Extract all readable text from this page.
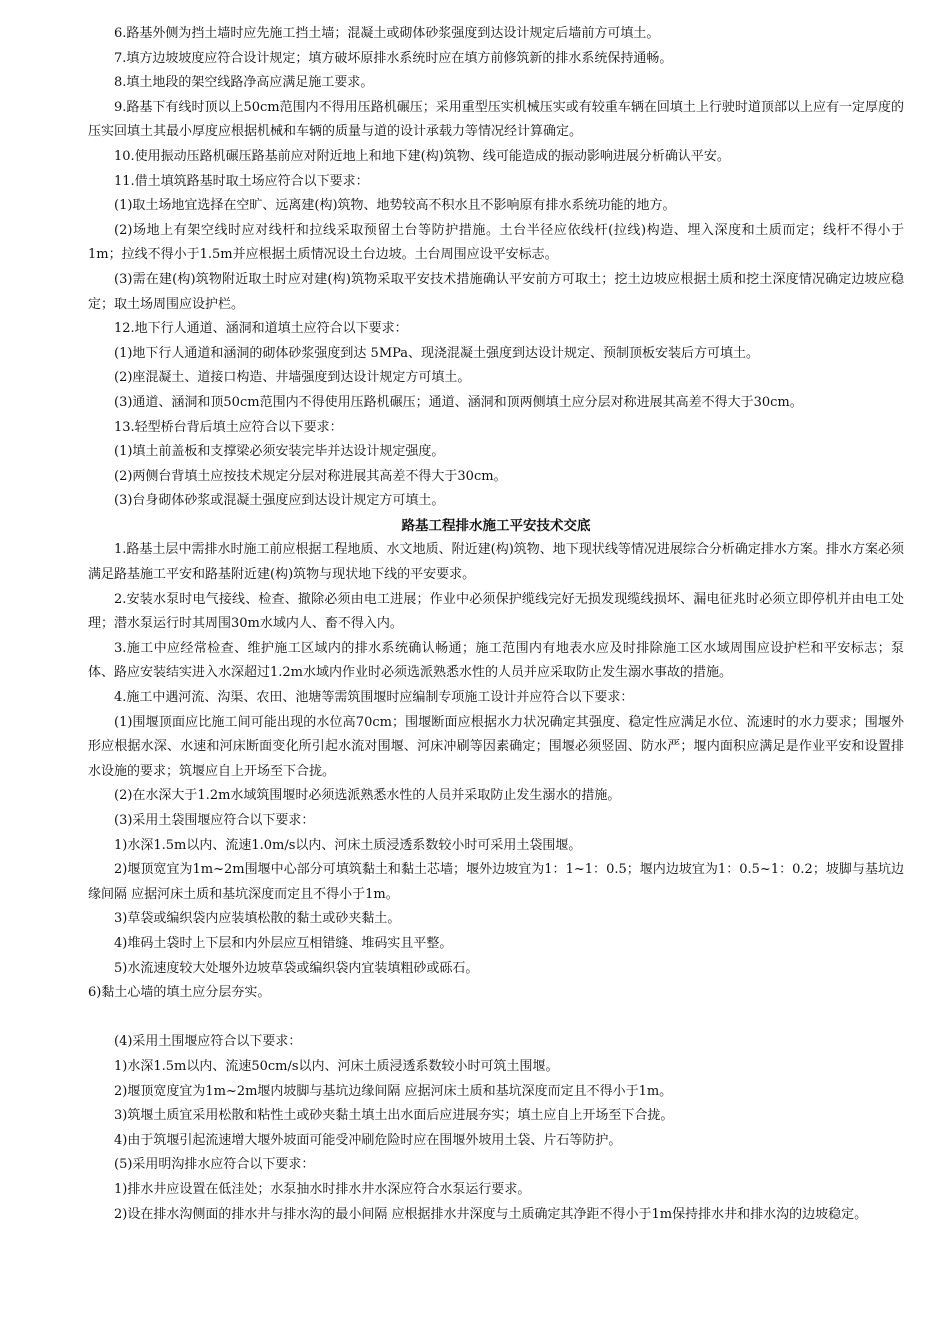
6.路基外侧为挡土墙时应先施工挡土墙；混凝土或砌体砂浆强度到达设计规定后墙前方可填土。

7.填方边坡坡度应符合设计规定；填方破坏原排水系统时应在填方前修筑新的排水系统保持通畅。

8.填土地段的架空线路净高应满足施工要求。

9.路基下有线时顶以上50cm范围内不得用压路机碾压；采用重型压实机械压实或有较重车辆在回填土上行驶时道顶部以上应有一定厚度的压实回填土其最小厚度应根据机械和车辆的质量与道的设计承载力等情况经计算确定。

10.使用振动压路机碾压路基前应对附近地上和地下建(构)筑物、线可能造成的振动影响进展分析确认平安。

11.借土填筑路基时取土场应符合以下要求：

(1)取土场地宜选择在空旷、远离建(构)筑物、地势较高不积水且不影响原有排水系统功能的地方。

(2)场地上有架空线时应对线杆和拉线采取预留土台等防护措施。土台半径应依线杆(拉线)构造、埋入深度和土质而定；线杆不得小于1m；拉线不得小于1.5m并应根据土质情况设土台边坡。土台周围应设平安标志。

(3)需在建(构)筑物附近取土时应对建(构)筑物采取平安技术措施确认平安前方可取土；挖土边坡应根据土质和挖土深度情况确定边坡应稳定；取土场周围应设护栏。

12.地下行人通道、涵洞和道填土应符合以下要求：

(1)地下行人通道和涵洞的砌体砂浆强度到达 5MPa、现浇混凝土强度到达设计规定、预制顶板安装后方可填土。

(2)座混凝土、道接口构造、井墙强度到达设计规定方可填土。

(3)通道、涵洞和顶50cm范围内不得使用压路机碾压；通道、涵洞和顶两侧填土应分层对称进展其高差不得大于30cm。

13.轻型桥台背后填土应符合以下要求：

(1)填土前盖板和支撑梁必须安装完毕并达设计规定强度。

(2)两侧台背填土应按技术规定分层对称进展其高差不得大于30cm。

(3)台身砌体砂浆或混凝土强度应到达设计规定方可填土。

路基工程排水施工平安技术交底

1.路基土层中需排水时施工前应根据工程地质、水文地质、附近建(构)筑物、地下现状线等情况进展综合分析确定排水方案。排水方案必须满足路基施工平安和路基附近建(构)筑物与现状地下线的平安要求。

2.安装水泵时电气接线、检查、撤除必须由电工进展；作业中必须保护缆线完好无损发现缆线损坏、漏电征兆时必须立即停机并由电工处理；潜水泵运行时其周围30m水域内人、畜不得入内。

3.施工中应经常检查、维护施工区域内的排水系统确认畅通；施工范围内有地表水应及时排除施工区水域周围应设护栏和平安标志；泵体、路应安装结实进入水深超过1.2m水域内作业时必须选派熟悉水性的人员并应采取防止发生溺水事故的措施。

4.施工中遇河流、沟渠、农田、池塘等需筑围堰时应编制专项施工设计并应符合以下要求：

(1)围堰顶面应比施工间可能出现的水位高70cm；围堰断面应根据水力状况确定其强度、稳定性应满足水位、流速时的水力要求；围堰外形应根据水深、水速和河床断面变化所引起水流对围堰、河床冲刷等因素确定；围堰必须竖固、防水严；堰内面积应满足是作业平安和设置排水设施的要求；筑堰应自上开场至下合拢。

(2)在水深大于1.2m水域筑围堰时必须选派熟悉水性的人员并采取防止发生溺水的措施。

(3)采用土袋围堰应符合以下要求：

1)水深1.5m以内、流速1.0m/s以内、河床土质浸透系数较小时可采用土袋围堰。

2)堰顶宽宜为1m~2m围堰中心部分可填筑黏土和黏土芯墙；堰外边坡宜为1：1~1：0.5；堰内边坡宜为1：0.5~1：0.2；坡脚与基坑边缘间隔 应据河床土质和基坑深度而定且不得小于1m。

3)草袋或编织袋内应装填松散的黏土或砂夹黏土。

4)堆码土袋时上下层和内外层应互相错缝、堆码实且平整。

5)水流速度较大处堰外边坡草袋或编织袋内宜装填粗砂或砾石。

6)黏土心墙的填土应分层夯实。

(4)采用土围堰应符合以下要求：

1)水深1.5m以内、流速50cm/s以内、河床土质浸透系数较小时可筑土围堰。

2)堰顶宽度宜为1m~2m堰内坡脚与基坑边缘间隔 应据河床土质和基坑深度而定且不得小于1m。

3)筑堰土质宜采用松散和粘性土或砂夹黏土填土出水面后应进展夯实；填土应自上开场至下合拢。

4)由于筑堰引起流速增大堰外坡面可能受冲刷危险时应在围堰外坡用土袋、片石等防护。

(5)采用明沟排水应符合以下要求：

1)排水井应设置在低洼处；水泵抽水时排水井水深应符合水泵运行要求。

2)设在排水沟侧面的排水井与排水沟的最小间隔 应根据排水井深度与土质确定其净距不得小于1m保持排水井和排水沟的边坡稳定。
